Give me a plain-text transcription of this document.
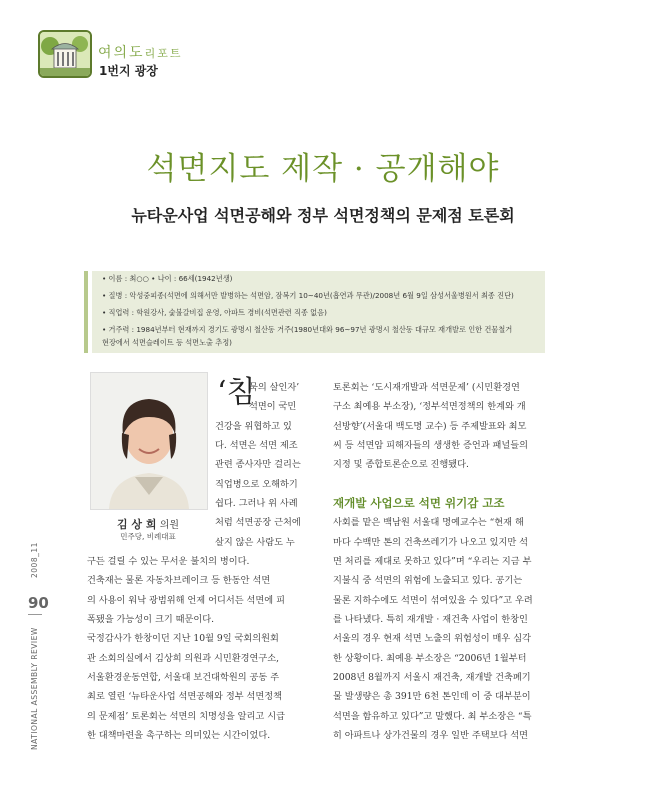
여의도리포트
1번지 광장
석면지도 제작 · 공개해야
뉴타운사업 석면공해와 정부 석면정책의 문제점 토론회
• 이름 : 최○○ • 나이 : 66세(1942년생)
• 질병 : 악성중피종(석면에 의해서만 발병하는 석면암, 잠복기 10~40년(흡연과 무관)/2008년 6월 9일 삼성서울병원서 최종 진단)
• 직업력 : 학원강사, 숯불갈비집 운영, 아파트 경비(석면관련 직종 없음)
• 거주력 : 1984년부터 현재까지 경기도 광명시 철산동 거주(1980년대와 96~97년 광명시 철산동 대규모 재개발로 인한 건물철거
현장에서 석면슬레이트 등 석면노출 추정)
김 상 희 의원
민주당, 비례대표
‘침
묵의 살인자’
석면이 국민
건강을 위협하고 있
다. 석면은 석면 제조
관련 종사자만 걸리는
직업병으로 오해하기
쉽다. 그러나 위 사례
처럼 석면공장 근처에
살지 않은 사람도 누
구든 걸릴 수 있는 무서운 불치의 병이다.
건축재는 물론 자동차브레이크 등 한동안 석면
의 사용이 워낙 광범위해 언제 어디서든 석면에 피
폭됐을 가능성이 크기 때문이다.
국정감사가 한창이던 지난 10월 9일 국회의원회
관 소회의실에서 김상희 의원과 시민환경연구소,
서울환경운동연합, 서울대 보건대학원의 공동 주
최로 열린 ‘뉴타운사업 석면공해와 정부 석면정책
의 문제점’ 토론회는 석면의 치명성을 알리고 시급
한 대책마련을 촉구하는 의미있는 시간이었다.
토론회는 ‘도시재개발과 석면문제’ (시민환경연
구소 최예용 부소장), ‘정부석면정책의 한계와 개
선방향’(서울대 백도명 교수) 등 주제발표와 최모
씨 등 석면암 피해자들의 생생한 증언과 패널들의
지정 및 종합토론순으로 진행됐다.
재개발 사업으로 석면 위기감 고조
사회를 맡은 백남원 서울대 명예교수는 “현재 해
마다 수백만 톤의 건축쓰레기가 나오고 있지만 석
면 처리를 제대로 못하고 있다”며 “우리는 지금 부
지불식 중 석면의 위험에 노출되고 있다. 공기는
물론 지하수에도 석면이 섞여있을 수 있다”고 우려
를 나타냈다. 특히 재개발 · 재건축 사업이 한창인
서울의 경우 현재 석면 노출의 위험성이 매우 심각
한 상황이다. 최예용 부소장은 “2006년 1월부터
2008년 8월까지 서울시 재건축, 재개발 건축폐기
물 발생량은 총 391만 6천 톤인데 이 중 대부분이
석면을 함유하고 있다”고 말했다. 최 부소장은 “특
히 아파트나 상가건물의 경우 일반 주택보다 석면
2008_11
90
NATIONAL ASSEMBLY REVIEW
